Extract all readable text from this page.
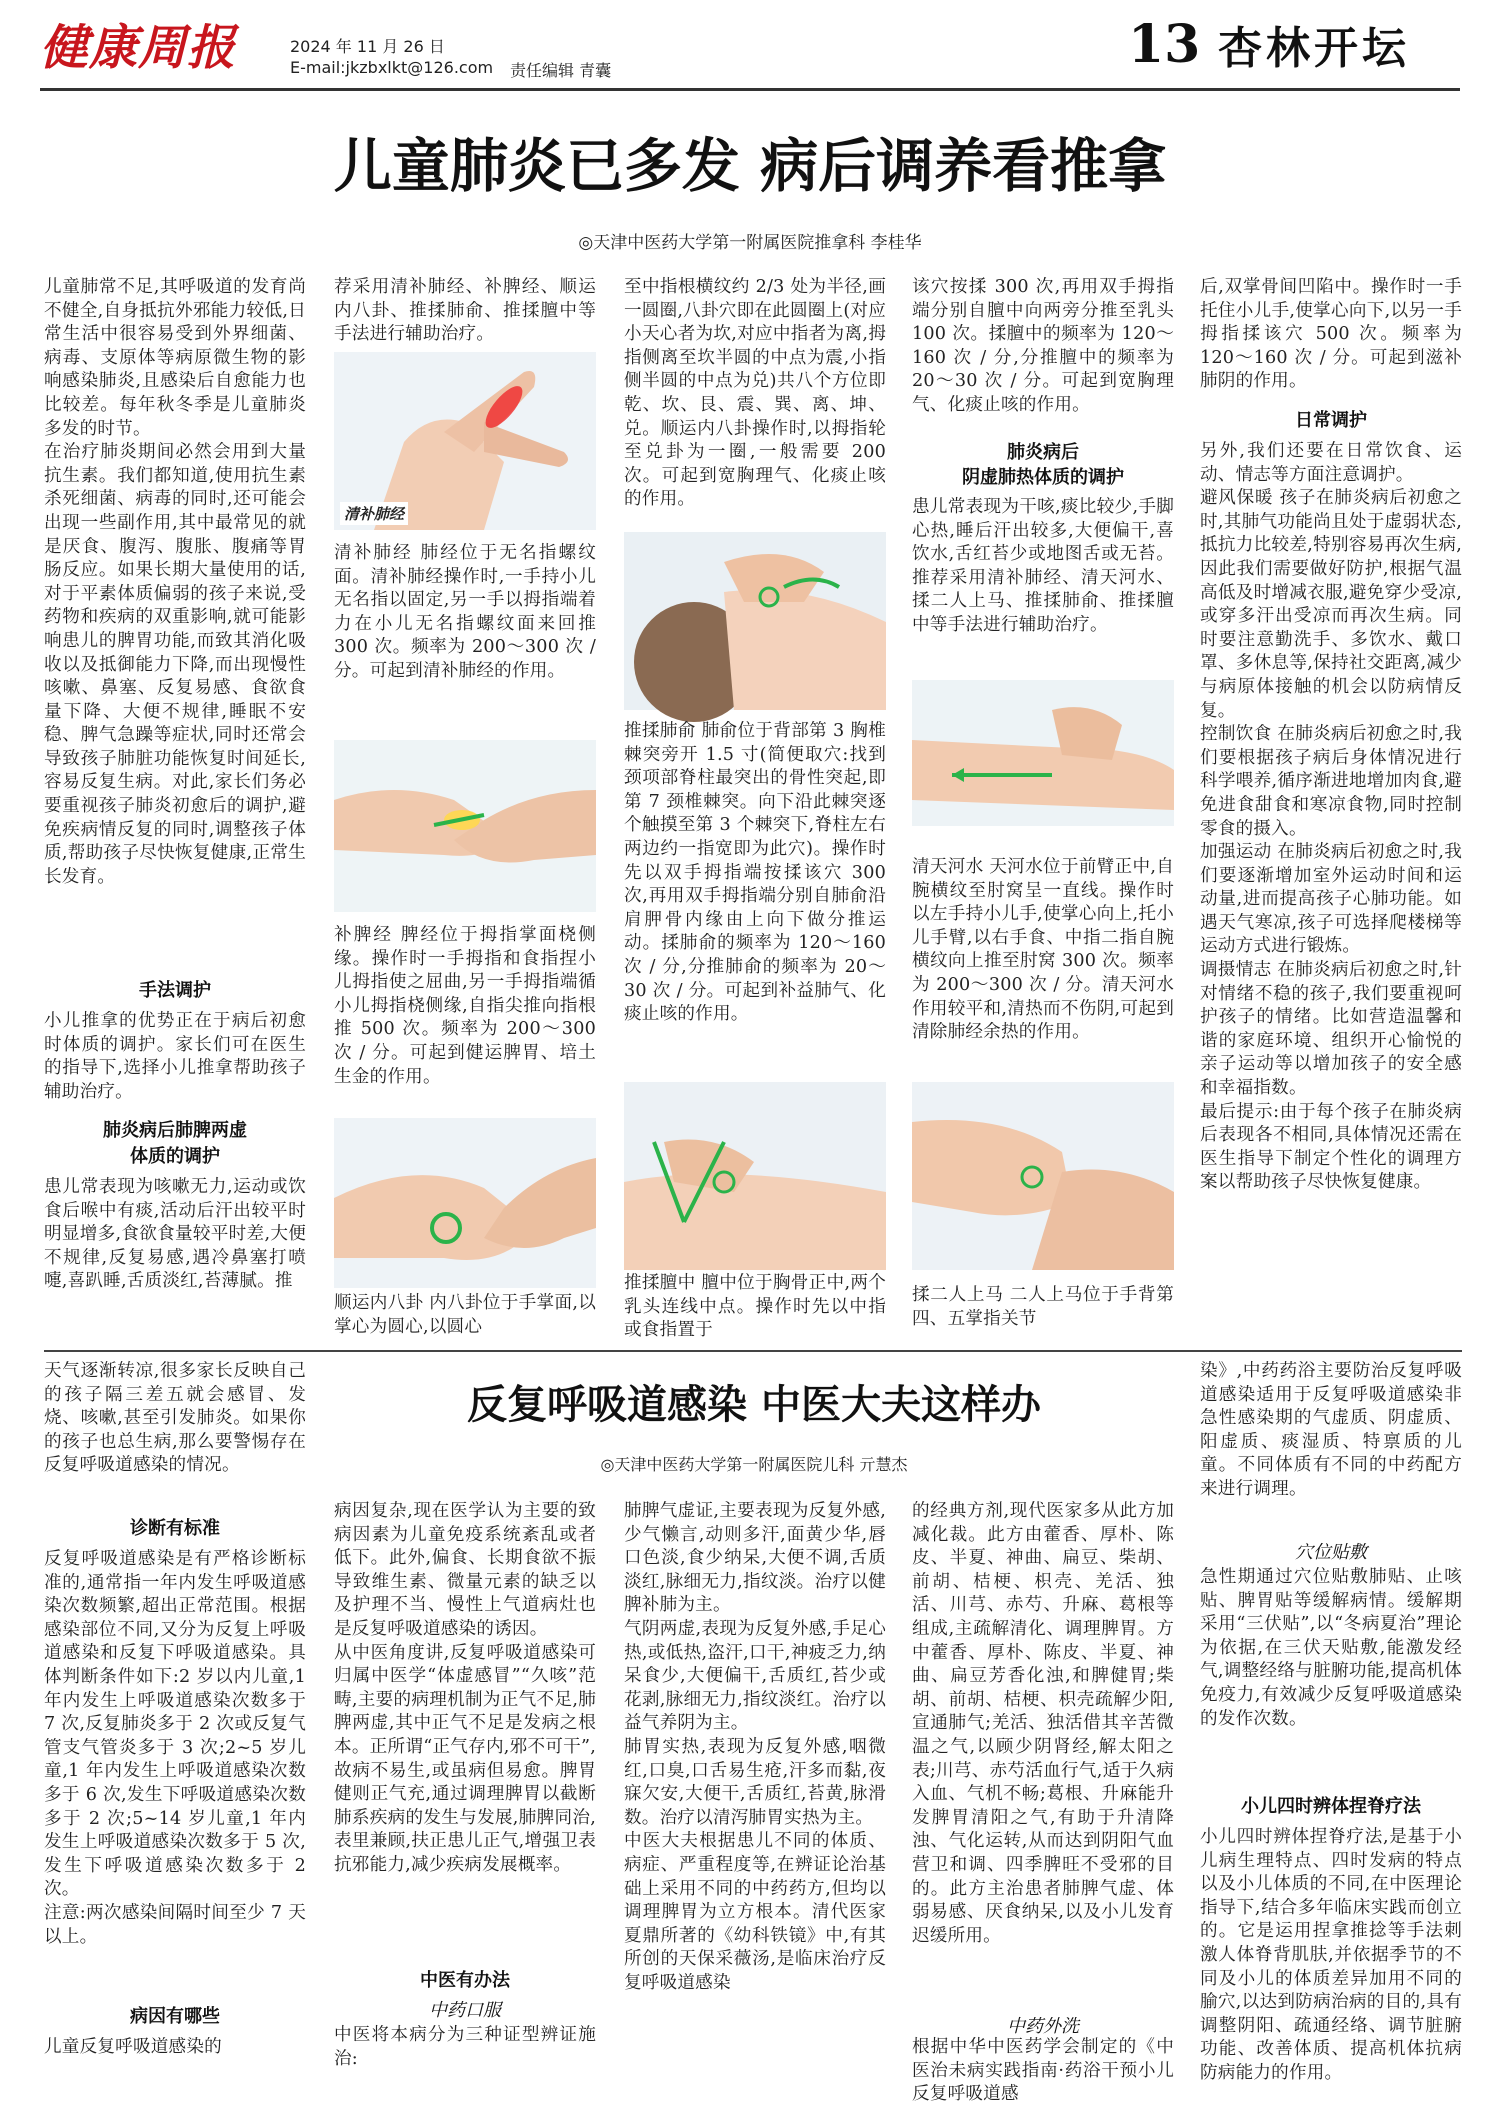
健康周报	2024 年 11 月 26 日
E-mail:jkzbxlkt@126.com 责任编辑 青囊	13 杏林开坛
儿童肺炎已多发 病后调养看推拿
◎天津中医药大学第一附属医院推拿科 李桂华
儿童肺常不足,其呼吸道的发育尚不健全,自身抵抗外邪能力较低,日常生活中很容易受到外界细菌、病毒、支原体等病原微生物的影响感染肺炎,且感染后自愈能力也比较差。每年秋冬季是儿童肺炎多发的时节。
在治疗肺炎期间必然会用到大量抗生素。我们都知道,使用抗生素杀死细菌、病毒的同时,还可能会出现一些副作用,其中最常见的就是厌食、腹泻、腹胀、腹痛等胃肠反应。如果长期大量使用的话,对于平素体质偏弱的孩子来说,受药物和疾病的双重影响,就可能影响患儿的脾胃功能,而致其消化吸收以及抵御能力下降,而出现慢性咳嗽、鼻塞、反复易感、食欲食量下降、大便不规律,睡眠不安稳、脾气急躁等症状,同时还常会导致孩子肺脏功能恢复时间延长,容易反复生病。对此,家长们务必要重视孩子肺炎初愈后的调护,避免疾病情反复的同时,调整孩子体质,帮助孩子尽快恢复健康,正常生长发育。
手法调护
小儿推拿的优势正在于病后初愈时体质的调护。家长们可在医生的指导下,选择小儿推拿帮助孩子辅助治疗。
肺炎病后肺脾两虚
体质的调护
患儿常表现为咳嗽无力,运动或饮食后喉中有痰,活动后汗出较平时明显增多,食欲食量较平时差,大便不规律,反复易感,遇冷鼻塞打喷嚏,喜趴睡,舌质淡红,苔薄腻。推
荐采用清补肺经、补脾经、顺运内八卦、推揉肺俞、推揉膻中等手法进行辅助治疗。
清补肺经
清补肺经 肺经位于无名指螺纹面。清补肺经操作时,一手持小儿无名指以固定,另一手以拇指端着力在小儿无名指螺纹面来回推 300 次。频率为 200～300 次 / 分。可起到清补肺经的作用。
补脾经 脾经位于拇指掌面桡侧缘。操作时一手拇指和食指捏小儿拇指使之屈曲,另一手拇指端循小儿拇指桡侧缘,自指尖推向指根推 500 次。频率为 200～300 次 / 分。可起到健运脾胃、培土生金的作用。
顺运内八卦 内八卦位于手掌面,以掌心为圆心,以圆心
至中指根横纹约 2/3 处为半径,画一圆圈,八卦穴即在此圆圈上(对应小天心者为坎,对应中指者为离,拇指侧离至坎半圆的中点为震,小指侧半圆的中点为兑)共八个方位即乾、坎、艮、震、巽、离、坤、兑。顺运内八卦操作时,以拇指轮至兑卦为一圈,一般需要 200 次。可起到宽胸理气、化痰止咳的作用。
推揉肺俞 肺俞位于背部第 3 胸椎棘突旁开 1.5 寸(简便取穴:找到颈项部脊柱最突出的骨性突起,即第 7 颈椎棘突。向下沿此棘突逐个触摸至第 3 个棘突下,脊柱左右两边约一指宽即为此穴)。操作时先以双手拇指端按揉该穴 300 次,再用双手拇指端分别自肺俞沿肩胛骨内缘由上向下做分推运动。揉肺俞的频率为 120～160 次 / 分,分推肺俞的频率为 20～30 次 / 分。可起到补益肺气、化痰止咳的作用。
推揉膻中 膻中位于胸骨正中,两个乳头连线中点。操作时先以中指或食指置于
该穴按揉 300 次,再用双手拇指端分别自膻中向两旁分推至乳头 100 次。揉膻中的频率为 120～160 次 / 分,分推膻中的频率为 20～30 次 / 分。可起到宽胸理气、化痰止咳的作用。
肺炎病后
阴虚肺热体质的调护
患儿常表现为干咳,痰比较少,手脚心热,睡后汗出较多,大便偏干,喜饮水,舌红苔少或地图舌或无苔。推荐采用清补肺经、清天河水、揉二人上马、推揉肺俞、推揉膻中等手法进行辅助治疗。
清天河水 天河水位于前臂正中,自腕横纹至肘窝呈一直线。操作时以左手持小儿手,使掌心向上,托小儿手臂,以右手食、中指二指自腕横纹向上推至肘窝 300 次。频率为 200～300 次 / 分。清天河水作用较平和,清热而不伤阴,可起到清除肺经余热的作用。
揉二人上马 二人上马位于手背第四、五掌指关节
后,双掌骨间凹陷中。操作时一手托住小儿手,使掌心向下,以另一手拇指揉该穴 500 次。频率为 120～160 次 / 分。可起到滋补肺阴的作用。
日常调护
另外,我们还要在日常饮食、运动、情志等方面注意调护。
避风保暖 孩子在肺炎病后初愈之时,其肺气功能尚且处于虚弱状态,抵抗力比较差,特别容易再次生病,因此我们需要做好防护,根据气温高低及时增减衣服,避免穿少受凉,或穿多汗出受凉而再次生病。同时要注意勤洗手、多饮水、戴口罩、多休息等,保持社交距离,减少与病原体接触的机会以防病情反复。
控制饮食 在肺炎病后初愈之时,我们要根据孩子病后身体情况进行科学喂养,循序渐进地增加肉食,避免进食甜食和寒凉食物,同时控制零食的摄入。
加强运动 在肺炎病后初愈之时,我们要逐渐增加室外运动时间和运动量,进而提高孩子心肺功能。如遇天气寒凉,孩子可选择爬楼梯等运动方式进行锻炼。
调摄情志 在肺炎病后初愈之时,针对情绪不稳的孩子,我们要重视呵护孩子的情绪。比如营造温馨和谐的家庭环境、组织开心愉悦的亲子运动等以增加孩子的安全感和幸福指数。
最后提示:由于每个孩子在肺炎病后表现各不相同,具体情况还需在医生指导下制定个性化的调理方案以帮助孩子尽快恢复健康。
天气逐渐转凉,很多家长反映自己的孩子隔三差五就会感冒、发烧、咳嗽,甚至引发肺炎。如果你的孩子也总生病,那么要警惕存在反复呼吸道感染的情况。
反复呼吸道感染 中医大夫这样办
◎天津中医药大学第一附属医院儿科 亓慧杰
染》,中药药浴主要防治反复呼吸道感染适用于反复呼吸道感染非急性感染期的气虚质、阴虚质、阳虚质、痰湿质、特禀质的儿童。不同体质有不同的中药配方来进行调理。
诊断有标准
反复呼吸道感染是有严格诊断标准的,通常指一年内发生呼吸道感染次数频繁,超出正常范围。根据感染部位不同,又分为反复上呼吸道感染和反复下呼吸道感染。具体判断条件如下:2 岁以内儿童,1 年内发生上呼吸道感染次数多于 7 次,反复肺炎多于 2 次或反复气管支气管炎多于 3 次;2~5 岁儿童,1 年内发生上呼吸道感染次数多于 6 次,发生下呼吸道感染次数多于 2 次;5~14 岁儿童,1 年内发生上呼吸道感染次数多于 5 次,发生下呼吸道感染次数多于 2 次。
注意:两次感染间隔时间至少 7 天以上。
病因有哪些
儿童反复呼吸道感染的
病因复杂,现在医学认为主要的致病因素为儿童免疫系统紊乱或者低下。此外,偏食、长期食欲不振导致维生素、微量元素的缺乏以及护理不当、慢性上气道病灶也是反复呼吸道感染的诱因。
从中医角度讲,反复呼吸道感染可归属中医学“体虚感冒”“久咳”范畴,主要的病理机制为正气不足,肺脾两虚,其中正气不足是发病之根本。正所谓“正气存内,邪不可干”,故病不易生,或虽病但易愈。脾胃健则正气充,通过调理脾胃以截断肺系疾病的发生与发展,肺脾同治,表里兼顾,扶正患儿正气,增强卫表抗邪能力,减少疾病发展概率。
中医有办法
中药口服
中医将本病分为三种证型辨证施治:
肺脾气虚证,主要表现为反复外感,少气懒言,动则多汗,面黄少华,唇口色淡,食少纳呆,大便不调,舌质淡红,脉细无力,指纹淡。治疗以健脾补肺为主。
气阴两虚,表现为反复外感,手足心热,或低热,盗汗,口干,神疲乏力,纳呆食少,大便偏干,舌质红,苔少或花剥,脉细无力,指纹淡红。治疗以益气养阴为主。
肺胃实热,表现为反复外感,咽微红,口臭,口舌易生疮,汗多而黏,夜寐欠安,大便干,舌质红,苔黄,脉滑数。治疗以清泻肺胃实热为主。
中医大夫根据患儿不同的体质、病症、严重程度等,在辨证论治基础上采用不同的中药药方,但均以调理脾胃为立方根本。清代医家夏鼎所著的《幼科铁镜》中,有其所创的天保采薇汤,是临床治疗反复呼吸道感染
的经典方剂,现代医家多从此方加减化裁。此方由藿香、厚朴、陈皮、半夏、神曲、扁豆、柴胡、前胡、桔梗、枳壳、羌活、独活、川芎、赤芍、升麻、葛根等组成,主疏解清化、调理脾胃。方中藿香、厚朴、陈皮、半夏、神曲、扁豆芳香化浊,和脾健胃;柴胡、前胡、桔梗、枳壳疏解少阳,宣通肺气;羌活、独活借其辛苦微温之气,以顾少阴肾经,解太阳之表;川芎、赤芍活血行气,适于久病入血、气机不畅;葛根、升麻能升发脾胃清阳之气,有助于升清降浊、气化运转,从而达到阴阳气血营卫和调、四季脾旺不受邪的目的。此方主治患者肺脾气虚、体弱易感、厌食纳呆,以及小儿发育迟缓所用。
中药外洗
根据中华中医药学会制定的《中医治未病实践指南·药浴干预小儿反复呼吸道感
穴位贴敷
急性期通过穴位贴敷肺贴、止咳贴、脾胃贴等缓解病情。缓解期采用“三伏贴”,以“冬病夏治”理论为依据,在三伏天贴敷,能激发经气,调整经络与脏腑功能,提高机体免疫力,有效减少反复呼吸道感染的发作次数。
小儿四时辨体捏脊疗法
小儿四时辨体捏脊疗法,是基于小儿病生理特点、四时发病的特点以及小儿体质的不同,在中医理论指导下,结合多年临床实践而创立的。它是运用捏拿推捻等手法刺激人体脊背肌肤,并依据季节的不同及小儿的体质差异加用不同的腧穴,以达到防病治病的目的,具有调整阴阳、疏通经络、调节脏腑功能、改善体质、提高机体抗病防病能力的作用。
